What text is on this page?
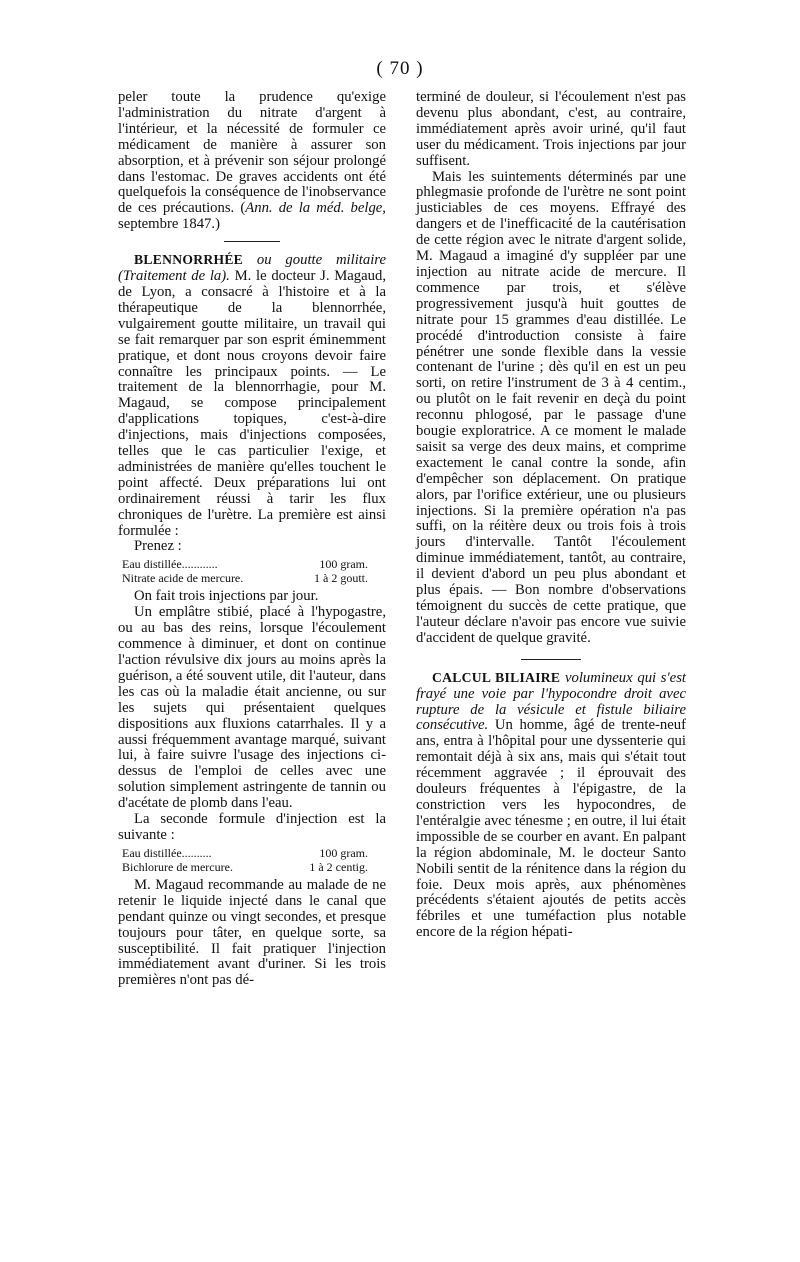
( 70 )

peler toute la prudence qu'exige l'administration du nitrate d'argent à l'intérieur, et la nécessité de formuler ce médicament de manière à assurer son absorption, et à prévenir son séjour prolongé dans l'estomac. De graves accidents ont été quelquefois la conséquence de l'inobservance de ces précautions. (Ann. de la méd. belge, septembre 1847.)

BLENNORRHÉE ou goutte militaire (Traitement de la). M. le docteur J. Magaud, de Lyon, a consacré à l'histoire et à la thérapeutique de la blennorrhée, vulgairement goutte militaire, un travail qui se fait remarquer par son esprit éminemment pratique, et dont nous croyons devoir faire connaître les principaux points. — Le traitement de la blennorrhagie, pour M. Magaud, se compose principalement d'applications topiques, c'est-à-dire d'injections, mais d'injections composées, telles que le cas particulier l'exige, et administrées de manière qu'elles touchent le point affecté. Deux préparations lui ont ordinairement réussi à tarir les flux chroniques de l'urètre. La première est ainsi formulée :

Prenez :

Eau distillée............	100 gram.
Nitrate acide de mercure.	1 à 2 goutt.

On fait trois injections par jour.

Un emplâtre stibié, placé à l'hypogastre, ou au bas des reins, lorsque l'écoulement commence à diminuer, et dont on continue l'action révulsive dix jours au moins après la guérison, a été souvent utile, dit l'auteur, dans les cas où la maladie était ancienne, ou sur les sujets qui présentaient quelques dispositions aux fluxions catarrhales. Il y a aussi fréquemment avantage marqué, suivant lui, à faire suivre l'usage des injections ci-dessus de l'emploi de celles avec une solution simplement astringente de tannin ou d'acétate de plomb dans l'eau.

La seconde formule d'injection est la suivante :

Eau distillée..........	100 gram.
Bichlorure de mercure.	1 à 2 centig.

M. Magaud recommande au malade de ne retenir le liquide injecté dans le canal que pendant quinze ou vingt secondes, et presque toujours pour tâter, en quelque sorte, sa susceptibilité. Il fait pratiquer l'injection immédiatement avant d'uriner. Si les trois premières n'ont pas dé-

terminé de douleur, si l'écoulement n'est pas devenu plus abondant, c'est, au contraire, immédiatement après avoir uriné, qu'il faut user du médicament. Trois injections par jour suffisent.

Mais les suintements déterminés par une phlegmasie profonde de l'urètre ne sont point justiciables de ces moyens. Effrayé des dangers et de l'inefficacité de la cautérisation de cette région avec le nitrate d'argent solide, M. Magaud a imaginé d'y suppléer par une injection au nitrate acide de mercure. Il commence par trois, et s'élève progressivement jusqu'à huit gouttes de nitrate pour 15 grammes d'eau distillée. Le procédé d'introduction consiste à faire pénétrer une sonde flexible dans la vessie contenant de l'urine ; dès qu'il en est un peu sorti, on retire l'instrument de 3 à 4 centim., ou plutôt on le fait revenir en deçà du point reconnu phlogosé, par le passage d'une bougie exploratrice. A ce moment le malade saisit sa verge des deux mains, et comprime exactement le canal contre la sonde, afin d'empêcher son déplacement. On pratique alors, par l'orifice extérieur, une ou plusieurs injections. Si la première opération n'a pas suffi, on la réitère deux ou trois fois à trois jours d'intervalle. Tantôt l'écoulement diminue immédiatement, tantôt, au contraire, il devient d'abord un peu plus abondant et plus épais. — Bon nombre d'observations témoignent du succès de cette pratique, que l'auteur déclare n'avoir pas encore vue suivie d'accident de quelque gravité.

CALCUL BILIAIRE volumineux qui s'est frayé une voie par l'hypocondre droit avec rupture de la vésicule et fistule biliaire consécutive. Un homme, âgé de trente-neuf ans, entra à l'hôpital pour une dyssenterie qui remontait déjà à six ans, mais qui s'était tout récemment aggravée ; il éprouvait des douleurs fréquentes à l'épigastre, de la constriction vers les hypocondres, de l'entéralgie avec ténesme ; en outre, il lui était impossible de se courber en avant. En palpant la région abdominale, M. le docteur Santo Nobili sentit de la rénitence dans la région du foie. Deux mois après, aux phénomènes précédents s'étaient ajoutés de petits accès fébriles et une tuméfaction plus notable encore de la région hépati-
